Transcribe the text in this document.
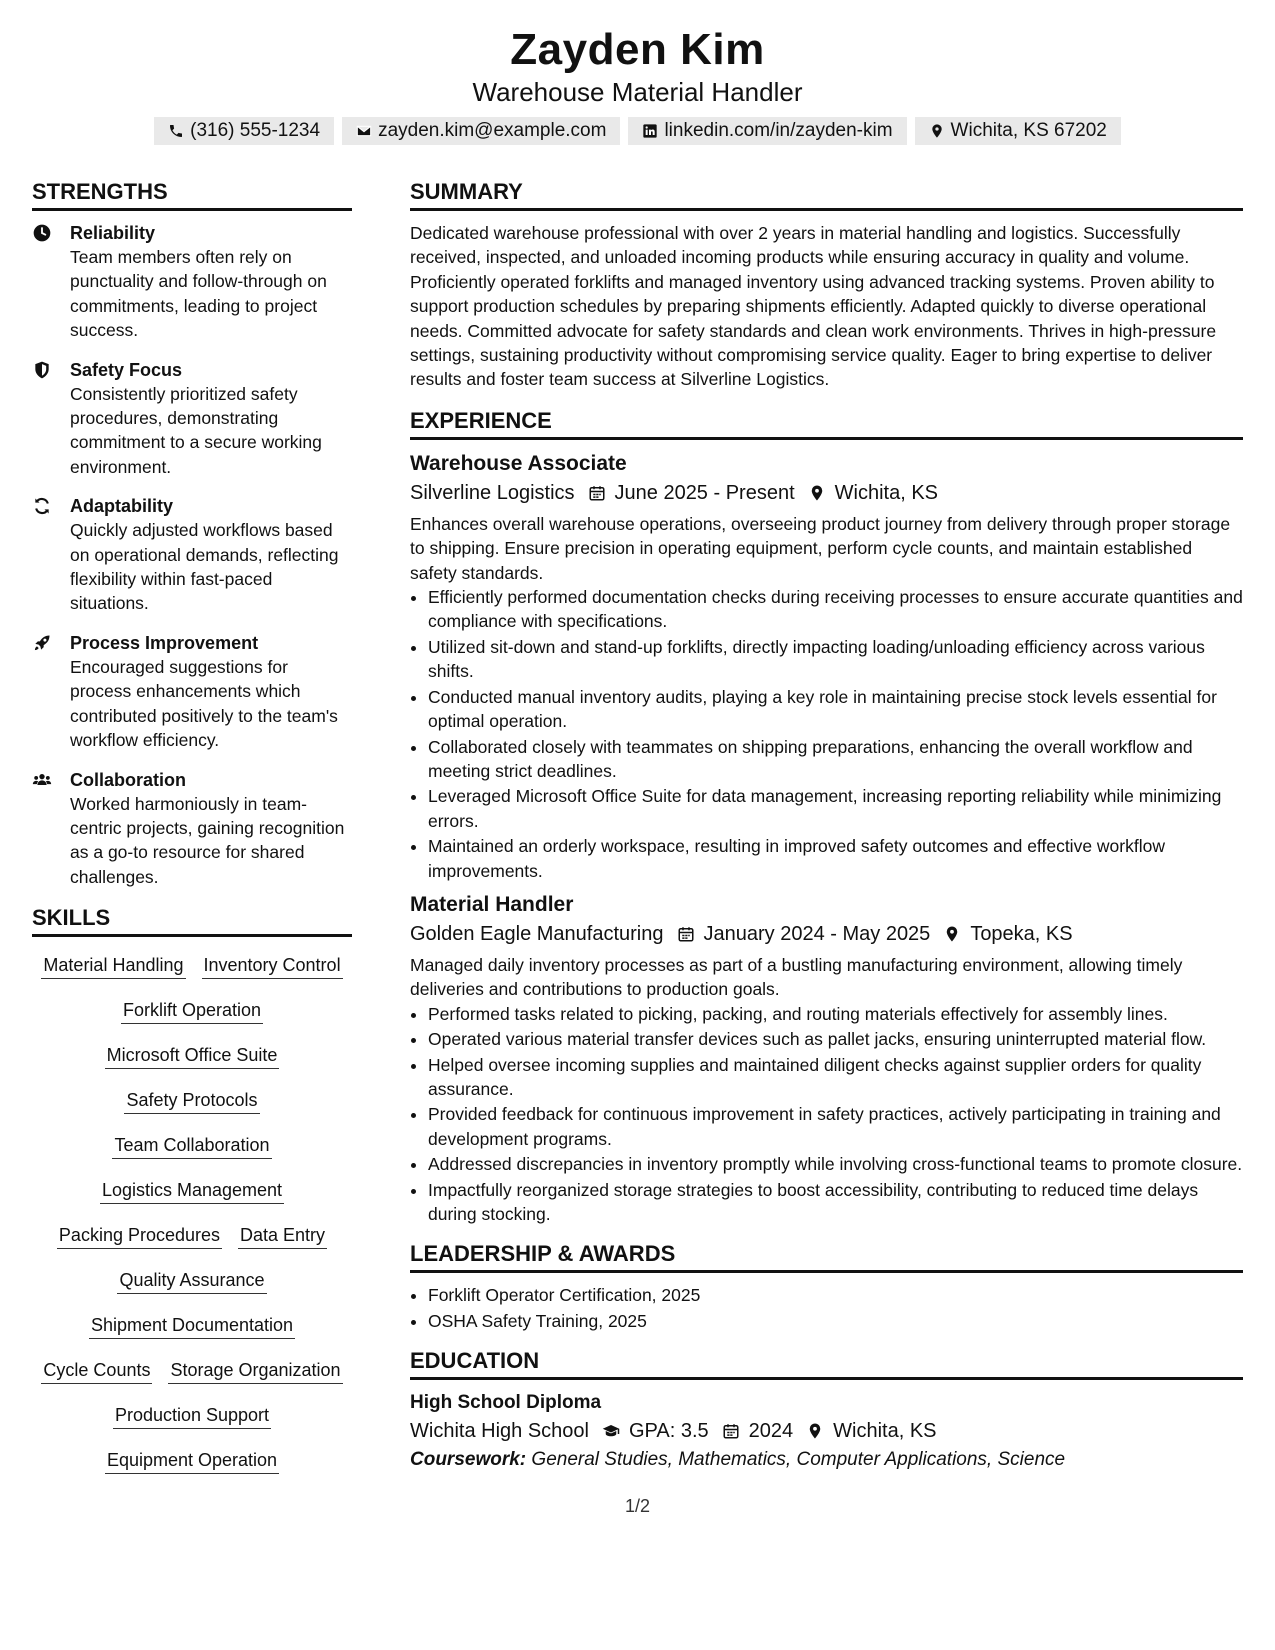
Zayden Kim
Warehouse Material Handler
(316) 555-1234	zayden.kim@example.com	linkedin.com/in/zayden-kim	Wichita, KS 67202
STRENGTHS
Reliability

Team members often rely on punctuality and follow-through on commitments, leading to project success.

Safety Focus

Consistently prioritized safety procedures, demonstrating commitment to a secure working environment.

Adaptability

Quickly adjusted workflows based on operational demands, reflecting flexibility within fast-paced situations.

Process Improvement

Encouraged suggestions for process enhancements which contributed positively to the team's workflow efficiency.

Collaboration

Worked harmoniously in team-centric projects, gaining recognition as a go-to resource for shared challenges.

SKILLS
Material Handling Inventory Control
Forklift Operation
Microsoft Office Suite
Safety Protocols
Team Collaboration
Logistics Management
Packing Procedures Data Entry
Quality Assurance
Shipment Documentation
Cycle Counts Storage Organization
Production Support
Equipment Operation
SUMMARY

Dedicated warehouse professional with over 2 years in material handling and logistics. Successfully received, inspected, and unloaded incoming products while ensuring accuracy in quality and volume. Proficiently operated forklifts and managed inventory using advanced tracking systems. Proven ability to support production schedules by preparing shipments efficiently. Adapted quickly to diverse operational needs. Committed advocate for safety standards and clean work environments. Thrives in high-pressure settings, sustaining productivity without compromising service quality. Eager to bring expertise to deliver results and foster team success at Silverline Logistics.

EXPERIENCE
Warehouse Associate
Silverline Logistics June 2025 - Present Wichita, KS

Enhances overall warehouse operations, overseeing product journey from delivery through proper storage to shipping. Ensure precision in operating equipment, perform cycle counts, and maintain established safety standards.

• Efficiently performed documentation checks during receiving processes to ensure accurate quantities and compliance with specifications.
• Utilized sit-down and stand-up forklifts, directly impacting loading/unloading efficiency across various shifts.
• Conducted manual inventory audits, playing a key role in maintaining precise stock levels essential for optimal operation.
• Collaborated closely with teammates on shipping preparations, enhancing the overall workflow and meeting strict deadlines.
• Leveraged Microsoft Office Suite for data management, increasing reporting reliability while minimizing errors.
• Maintained an orderly workspace, resulting in improved safety outcomes and effective workflow improvements.
Material Handler
Golden Eagle Manufacturing January 2024 - May 2025 Topeka, KS

Managed daily inventory processes as part of a bustling manufacturing environment, allowing timely deliveries and contributions to production goals.

• Performed tasks related to picking, packing, and routing materials effectively for assembly lines.
• Operated various material transfer devices such as pallet jacks, ensuring uninterrupted material flow.
• Helped oversee incoming supplies and maintained diligent checks against supplier orders for quality assurance.
• Provided feedback for continuous improvement in safety practices, actively participating in training and development programs.
• Addressed discrepancies in inventory promptly while involving cross-functional teams to promote closure.
• Impactfully reorganized storage strategies to boost accessibility, contributing to reduced time delays during stocking.
LEADERSHIP & AWARDS
• Forklift Operator Certification, 2025
• OSHA Safety Training, 2025
EDUCATION
High School Diploma
Wichita High School GPA: 3.5 2024 Wichita, KS
Coursework: General Studies, Mathematics, Computer Applications, Science
1/2
